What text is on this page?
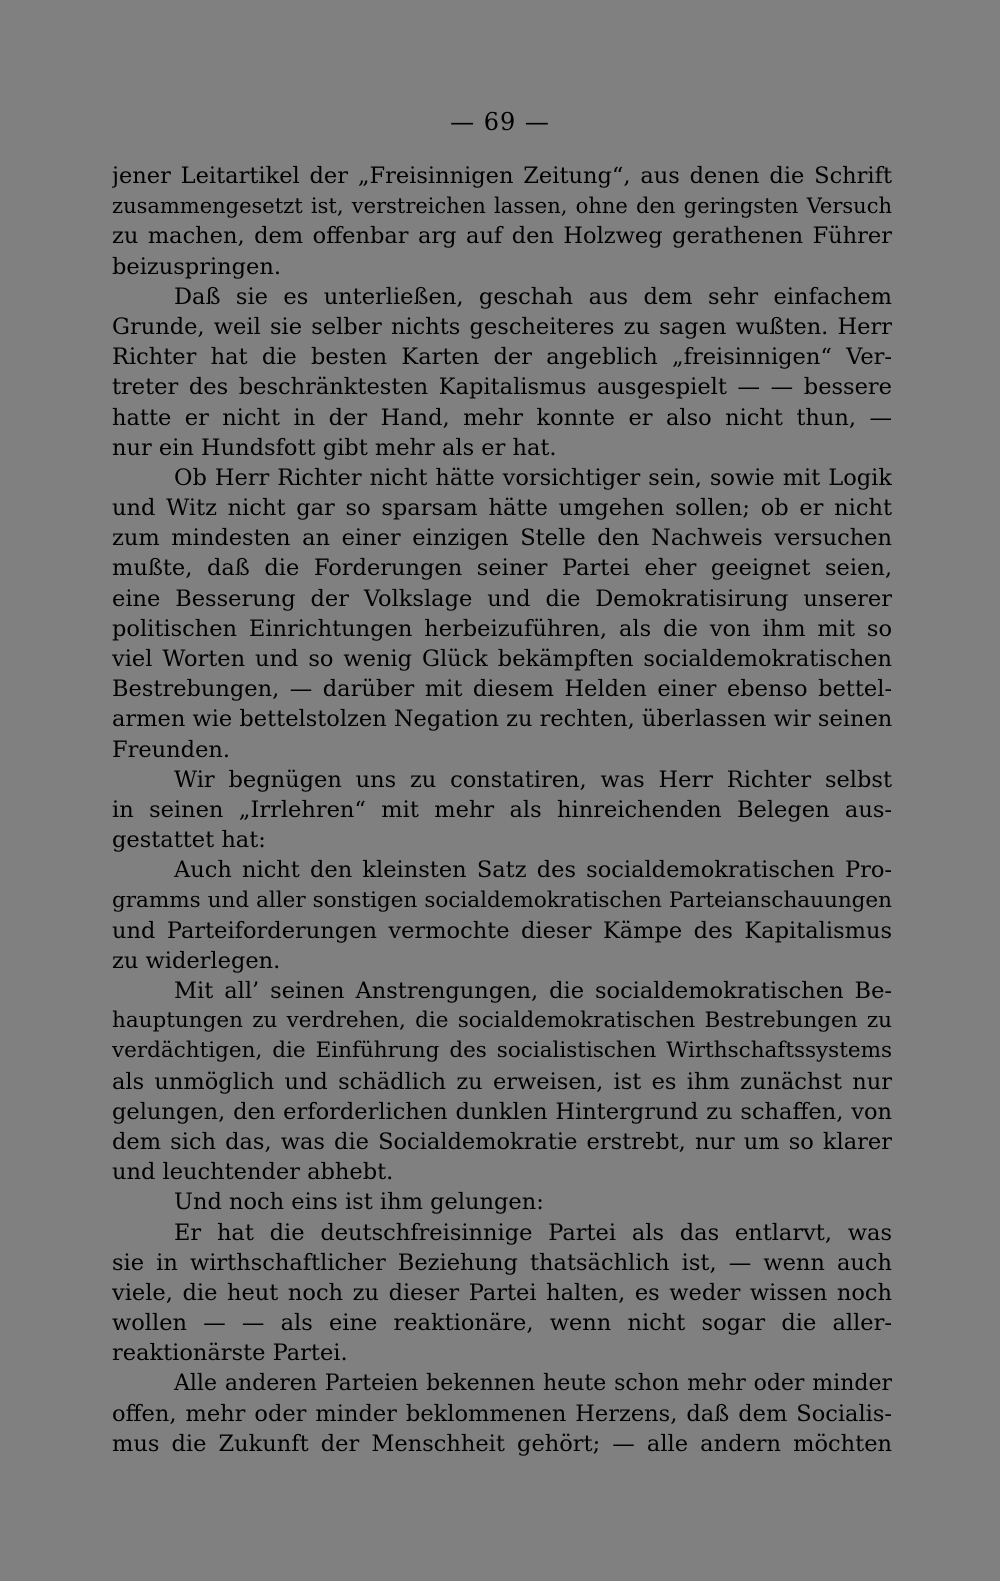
— 69 —
jener Leitartikel der „Freisinnigen Zeitung“, aus denen die Schrift
zusammengesetzt ist, verstreichen lassen, ohne den geringsten Versuch
zu machen, dem offenbar arg auf den Holzweg gerathenen Führer
beizuspringen.
Daß sie es unterließen, geschah aus dem sehr einfachem
Grunde, weil sie selber nichts gescheiteres zu sagen wußten. Herr
Richter hat die besten Karten der angeblich „freisinnigen“ Ver-
treter des beschränktesten Kapitalismus ausgespielt — — bessere
hatte er nicht in der Hand, mehr konnte er also nicht thun, —
nur ein Hundsfott gibt mehr als er hat.
Ob Herr Richter nicht hätte vorsichtiger sein, sowie mit Logik
und Witz nicht gar so sparsam hätte umgehen sollen; ob er nicht
zum mindesten an einer einzigen Stelle den Nachweis versuchen
mußte, daß die Forderungen seiner Partei eher geeignet seien,
eine Besserung der Volkslage und die Demokratisirung unserer
politischen Einrichtungen herbeizuführen, als die von ihm mit so
viel Worten und so wenig Glück bekämpften socialdemokratischen
Bestrebungen, — darüber mit diesem Helden einer ebenso bettel-
armen wie bettelstolzen Negation zu rechten, überlassen wir seinen
Freunden.
Wir begnügen uns zu constatiren, was Herr Richter selbst
in seinen „Irrlehren“ mit mehr als hinreichenden Belegen aus-
gestattet hat:
Auch nicht den kleinsten Satz des socialdemokratischen Pro-
gramms und aller sonstigen socialdemokratischen Parteianschauungen
und Parteiforderungen vermochte dieser Kämpe des Kapitalismus
zu widerlegen.
Mit all’ seinen Anstrengungen, die socialdemokratischen Be-
hauptungen zu verdrehen, die socialdemokratischen Bestrebungen zu
verdächtigen, die Einführung des socialistischen Wirthschaftssystems
als unmöglich und schädlich zu erweisen, ist es ihm zunächst nur
gelungen, den erforderlichen dunklen Hintergrund zu schaffen, von
dem sich das, was die Socialdemokratie erstrebt, nur um so klarer
und leuchtender abhebt.
Und noch eins ist ihm gelungen:
Er hat die deutschfreisinnige Partei als das entlarvt, was
sie in wirthschaftlicher Beziehung thatsächlich ist, — wenn auch
viele, die heut noch zu dieser Partei halten, es weder wissen noch
wollen — — als eine reaktionäre, wenn nicht sogar die aller-
reaktionärste Partei.
Alle anderen Parteien bekennen heute schon mehr oder minder
offen, mehr oder minder beklommenen Herzens, daß dem Socialis-
mus die Zukunft der Menschheit gehört; — alle andern möchten
